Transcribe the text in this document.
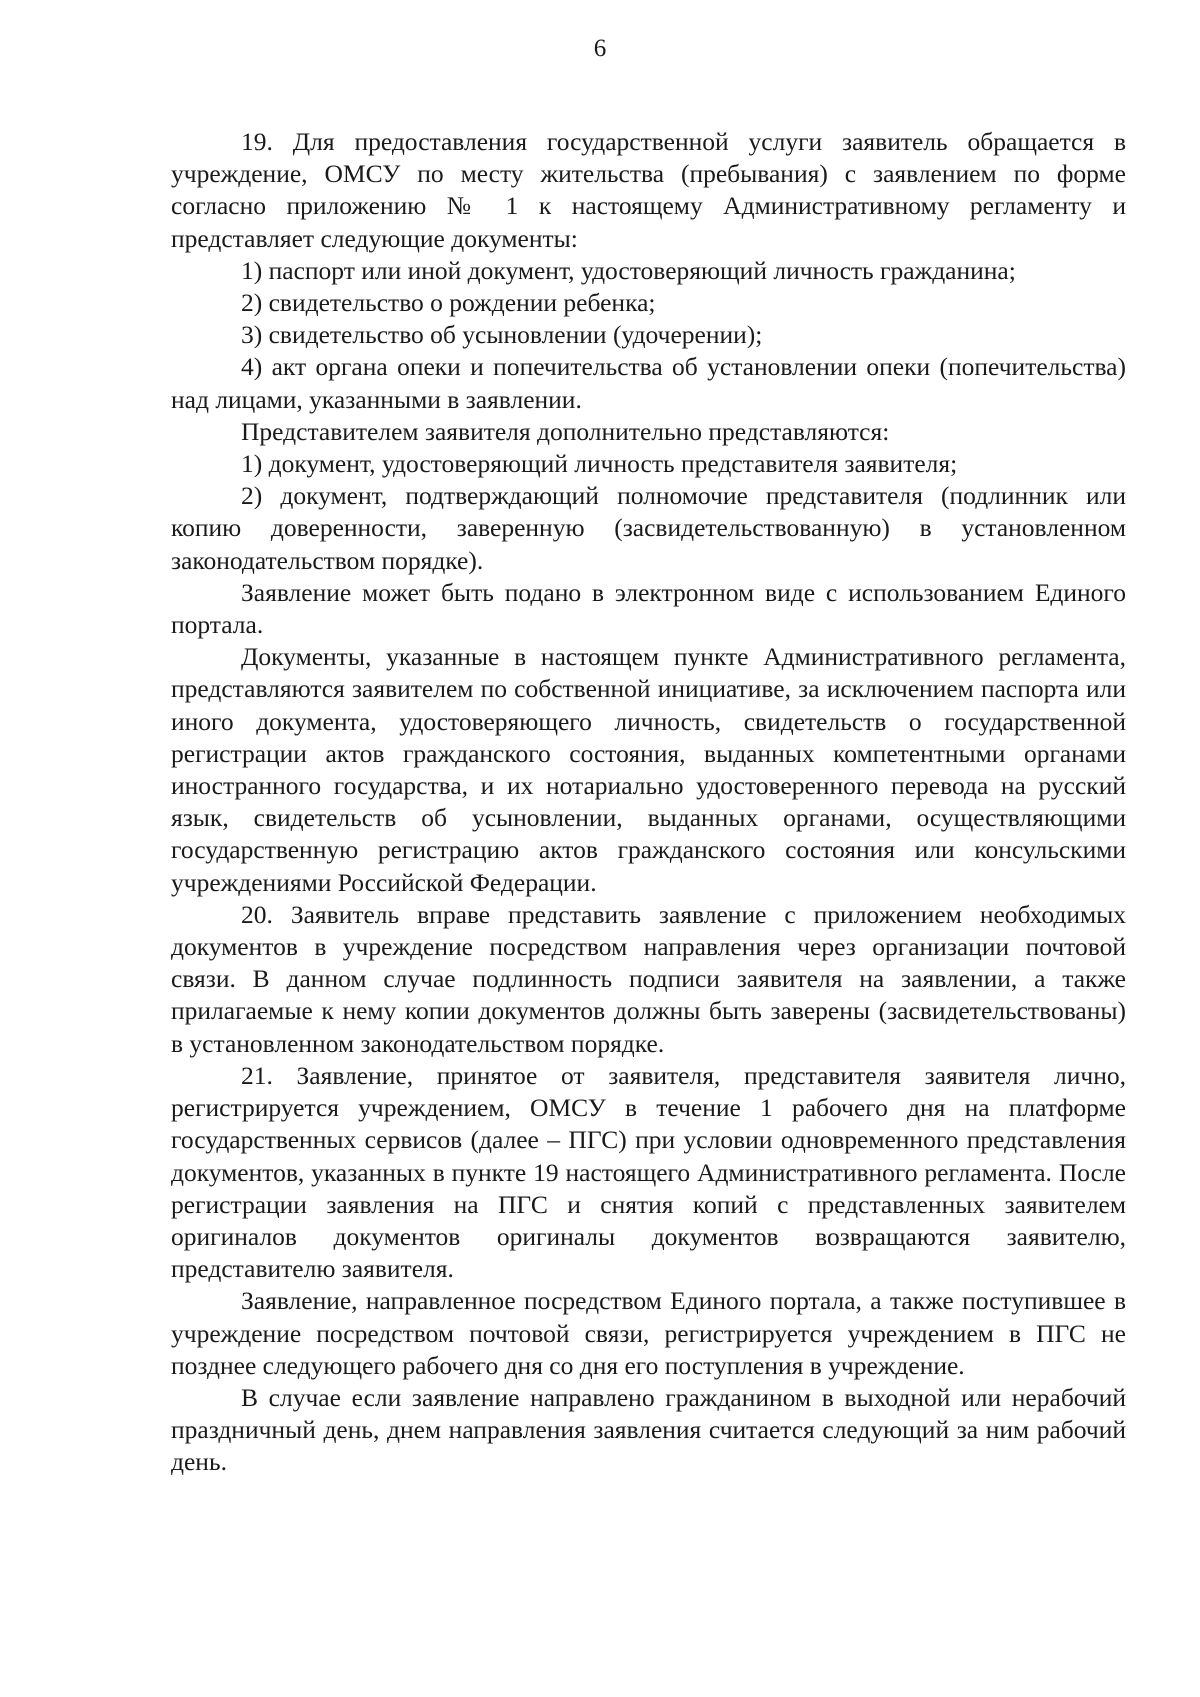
6

19. Для предоставления государственной услуги заявитель обращается в учреждение, ОМСУ по месту жительства (пребывания) с заявлением по форме согласно приложению № 1 к настоящему Административному регламенту и представляет следующие документы:

1) паспорт или иной документ, удостоверяющий личность гражданина;

2) свидетельство о рождении ребенка;

3) свидетельство об усыновлении (удочерении);

4) акт органа опеки и попечительства об установлении опеки (попечительства) над лицами, указанными в заявлении.

Представителем заявителя дополнительно представляются:

1) документ, удостоверяющий личность представителя заявителя;

2) документ, подтверждающий полномочие представителя (подлинник или копию доверенности, заверенную (засвидетельствованную) в установленном законодательством порядке).

Заявление может быть подано в электронном виде с использованием Единого портала.

Документы, указанные в настоящем пункте Административного регламента, представляются заявителем по собственной инициативе, за исключением паспорта или иного документа, удостоверяющего личность, свидетельств о государственной регистрации актов гражданского состояния, выданных компетентными органами иностранного государства, и их нотариально удостоверенного перевода на русский язык, свидетельств об усыновлении, выданных органами, осуществляющими государственную регистрацию актов гражданского состояния или консульскими учреждениями Российской Федерации.

20. Заявитель вправе представить заявление с приложением необходимых документов в учреждение посредством направления через организации почтовой связи. В данном случае подлинность подписи заявителя на заявлении, а также прилагаемые к нему копии документов должны быть заверены (засвидетельствованы) в установленном законодательством порядке.

21. Заявление, принятое от заявителя, представителя заявителя лично, регистрируется учреждением, ОМСУ в течение 1 рабочего дня на платформе государственных сервисов (далее – ПГС) при условии одновременного представления документов, указанных в пункте 19 настоящего Административного регламента. После регистрации заявления на ПГС и снятия копий с представленных заявителем оригиналов документов оригиналы документов возвращаются заявителю, представителю заявителя.

Заявление, направленное посредством Единого портала, а также поступившее в учреждение посредством почтовой связи, регистрируется учреждением в ПГС не позднее следующего рабочего дня со дня его поступления в учреждение.

В случае если заявление направлено гражданином в выходной или нерабочий праздничный день, днем направления заявления считается следующий за ним рабочий день.
